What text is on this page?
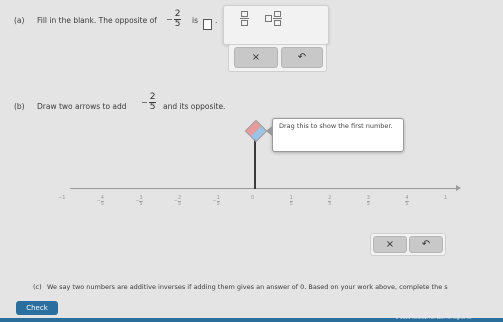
(a) Fill in the blank. The opposite of − $\frac{2}{5}$ is .
×	↶
(b) Draw two arrows to add − $\frac{2}{5}$ and its opposite.
Drag this to show the first number.
− 1	− 4
5	− 3
5	− 2
5	− 1
5
0	1
5
2
5
3
5
4
5
1
×	↶
(c) We say two numbers are additive inverses if adding them gives an answer of 0. Based on your work above, complete the s
Check
© 2024 McGraw Hill LLC. All Rights Re
